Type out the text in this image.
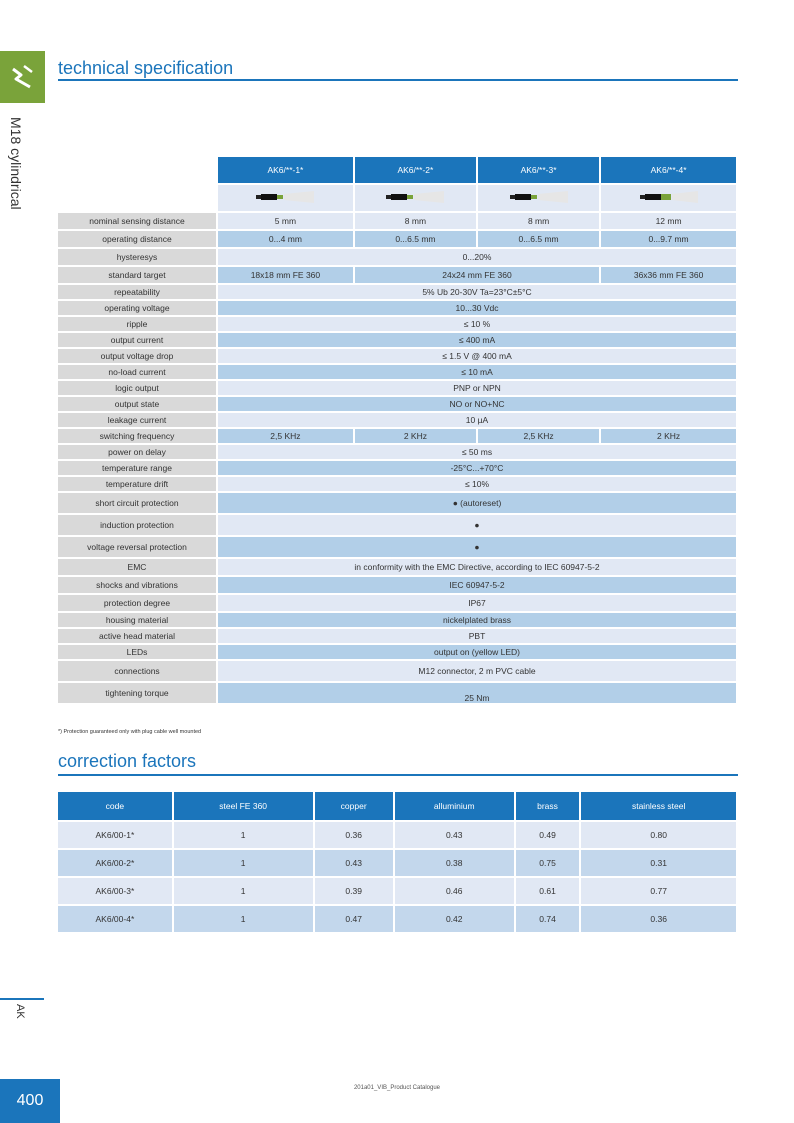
M18 cylindrical
AK
400
201a01_VIB_Product Catalogue
technical specification
	AK6/**-1*	AK6/**-2*	AK6/**-3*	AK6/**-4*

nominal sensing distance	5 mm	8 mm	8 mm	12 mm
operating distance	0...4 mm	0...6.5 mm	0...6.5 mm	0...9.7 mm
hysteresys	0...20%			
standard target	18x18 mm FE 360	24x24 mm FE 360		36x36 mm FE 360
repeatability	5% Ub 20-30V Ta=23°C±5°C			
operating voltage	10...30 Vdc			
ripple	≤ 10 %			
output current	≤ 400 mA			
output voltage drop	≤ 1.5 V @ 400 mA			
no-load current	≤ 10 mA			
logic output	PNP or NPN			
output state	NO or NO+NC			
leakage current	10 µA			
switching frequency	2,5 KHz	2 KHz	2,5 KHz	2 KHz
power on delay	≤ 50 ms			
temperature range	-25°C...+70°C			
temperature drift	≤ 10%			
short circuit protection	● (autoreset)			
induction protection	●			
voltage reversal protection	●			
EMC	in conformity with the EMC Directive, according to IEC 60947-5-2			
shocks and vibrations	IEC 60947-5-2			
protection degree	IP67			
housing material	nickelplated brass			
active head material	PBT			
LEDs	output on (yellow LED)			
connections	M12 connector, 2 m PVC cable			
tightening torque	25 Nm			
*) Protection guaranteed only with plug cable well mounted
correction factors
code	steel FE 360	copper	alluminium	brass	stainless steel
AK6/00-1*	1	0.36	0.43	0.49	0.80
AK6/00-2*	1	0.43	0.38	0.75	0.31
AK6/00-3*	1	0.39	0.46	0.61	0.77
AK6/00-4*	1	0.47	0.42	0.74	0.36
